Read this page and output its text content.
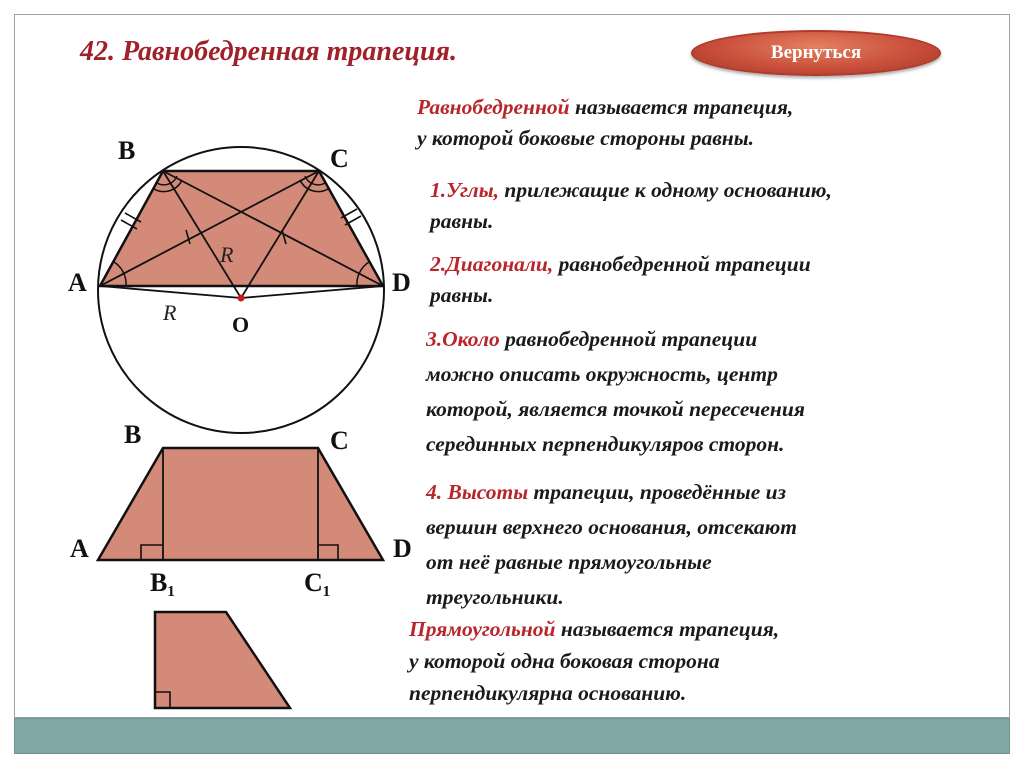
42. Равнобедренная трапеция.	Вернуться
B	C
A	D
O
R
R
B	C
A	D
B₁	C₁
Равнобедренной называется трапеция,
у которой боковые стороны равны.
1.Углы, прилежащие к одному основанию,
равны.
2.Диагонали, равнобедренной трапеции
равны.
3.Около равнобедренной трапеции
можно описать окружность, центр
которой, является точкой пересечения
серединных перпендикуляров сторон.
4. Высоты трапеции, проведённые из
вершин верхнего основания, отсекают
от неё равные прямоугольные
треугольники.
Прямоугольной называется трапеция,
у которой одна боковая сторона
перпендикулярна основанию.
